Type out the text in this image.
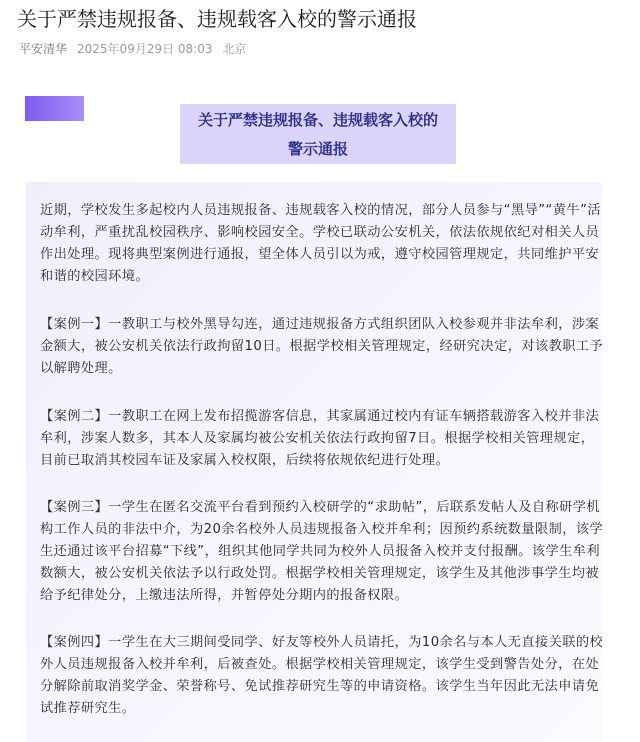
关于严禁违规报备、违规载客入校的警示通报
平安清华 2025年09月29日 08:03 北京
关于严禁违规报备、违规载客入校的
警示通报

近期，学校发生多起校内人员违规报备、违规载客入校的情况，部分人员参与“黑导”“黄牛”活动牟利，严重扰乱校园秩序、影响校园安全。学校已联动公安机关，依法依规依纪对相关人员作出处理。现将典型案例进行通报，望全体人员引以为戒，遵守校园管理规定，共同维护平安和谐的校园环境。

【案例一】一教职工与校外黑导勾连，通过违规报备方式组织团队入校参观并非法牟利，涉案金额大，被公安机关依法行政拘留10日。根据学校相关管理规定，经研究决定，对该教职工予以解聘处理。

【案例二】一教职工在网上发布招揽游客信息，其家属通过校内有证车辆搭载游客入校并非法牟利，涉案人数多，其本人及家属均被公安机关依法行政拘留7日。根据学校相关管理规定，目前已取消其校园车证及家属入校权限，后续将依规依纪进行处理。

【案例三】一学生在匿名交流平台看到预约入校研学的“求助帖”，后联系发帖人及自称研学机构工作人员的非法中介，为20余名校外人员违规报备入校并牟利；因预约系统数量限制，该学生还通过该平台招募“下线”，组织其他同学共同为校外人员报备入校并支付报酬。该学生牟利数额大，被公安机关依法予以行政处罚。根据学校相关管理规定，该学生及其他涉事学生均被给予纪律处分，上缴违法所得，并暂停处分期内的报备权限。

【案例四】一学生在大三期间受同学、好友等校外人员请托，为10余名与本人无直接关联的校外人员违规报备入校并牟利，后被查处。根据学校相关管理规定，该学生受到警告处分，在处分解除前取消奖学金、荣誉称号、免试推荐研究生等的申请资格。该学生当年因此无法申请免试推荐研究生。
